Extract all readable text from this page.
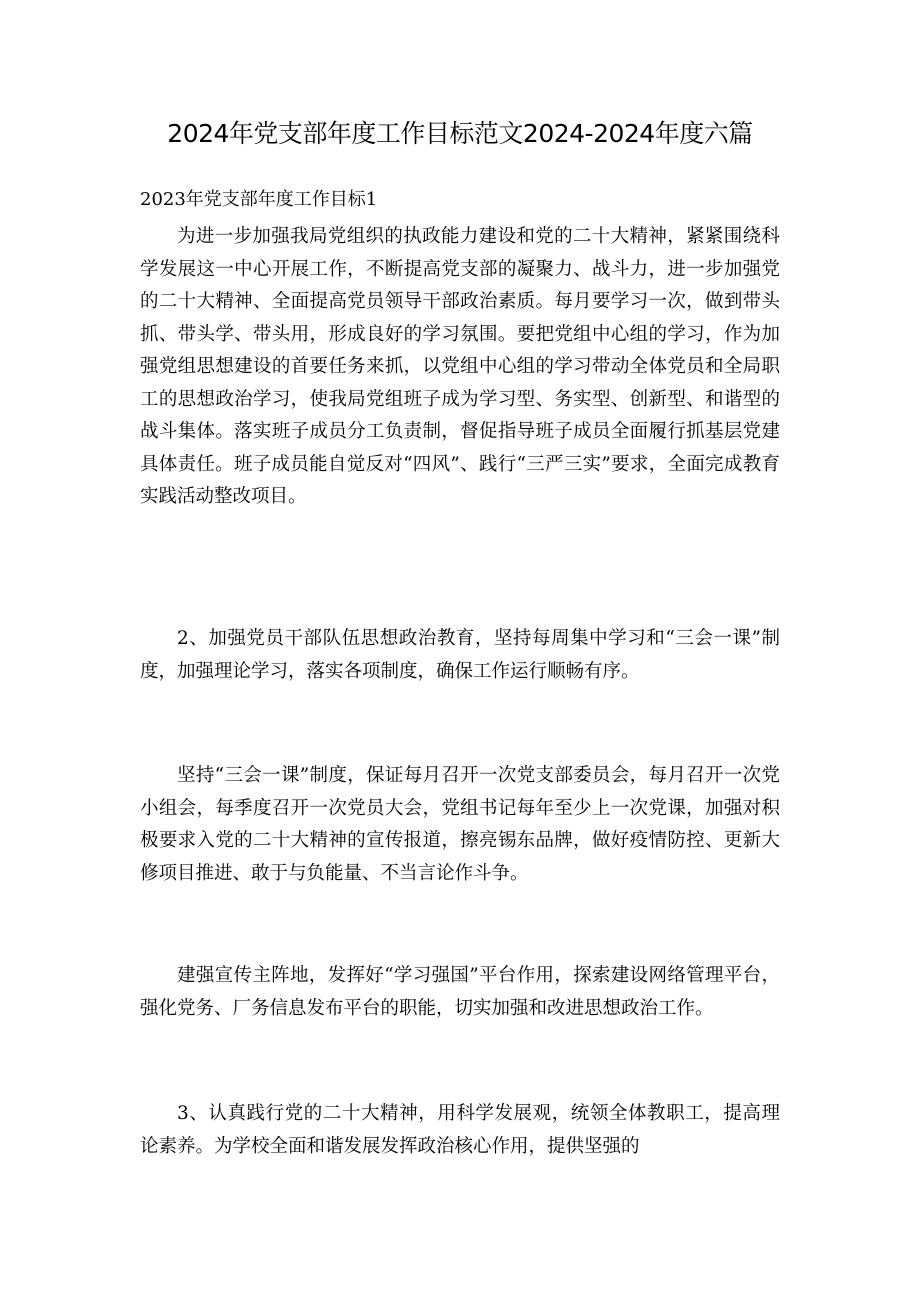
2024年党支部年度工作目标范文2024-2024年度六篇
2023年党支部年度工作目标1

为进一步加强我局党组织的执政能力建设和党的二十大精神，紧紧围绕科学发展这一中心开展工作，不断提高党支部的凝聚力、战斗力，进一步加强党的二十大精神、全面提高党员领导干部政治素质。每月要学习一次，做到带头抓、带头学、带头用，形成良好的学习氛围。要把党组中心组的学习，作为加强党组思想建设的首要任务来抓，以党组中心组的学习带动全体党员和全局职工的思想政治学习，使我局党组班子成为学习型、务实型、创新型、和谐型的战斗集体。落实班子成员分工负责制，督促指导班子成员全面履行抓基层党建具体责任。班子成员能自觉反对“四风”、践行“三严三实”要求，全面完成教育实践活动整改项目。

2、加强党员干部队伍思想政治教育，坚持每周集中学习和“三会一课”制度，加强理论学习，落实各项制度，确保工作运行顺畅有序。

坚持“三会一课”制度，保证每月召开一次党支部委员会，每月召开一次党小组会，每季度召开一次党员大会，党组书记每年至少上一次党课，加强对积极要求入党的二十大精神的宣传报道，擦亮锡东品牌，做好疫情防控、更新大修项目推进、敢于与负能量、不当言论作斗争。

建强宣传主阵地，发挥好“学习强国”平台作用，探索建设网络管理平台，强化党务、厂务信息发布平台的职能，切实加强和改进思想政治工作。

3、认真践行党的二十大精神，用科学发展观，统领全体教职工，提高理论素养。为学校全面和谐发展发挥政治核心作用，提供坚强的
